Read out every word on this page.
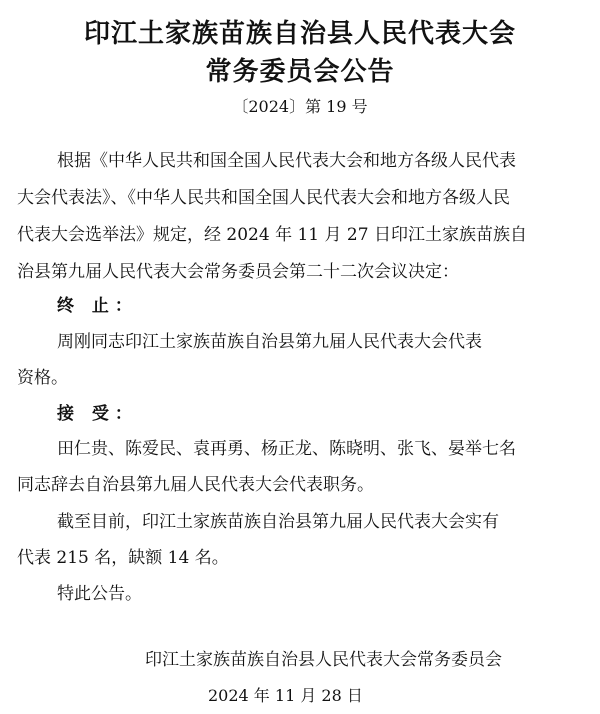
印江土家族苗族自治县人民代表大会
常务委员会公告
〔2024〕第 19 号
根据《中华人民共和国全国人民代表大会和地方各级人民代表
大会代表法》、《中华人民共和国全国人民代表大会和地方各级人民
代表大会选举法》规定，经 2024 年 11 月 27 日印江土家族苗族自
治县第九届人民代表大会常务委员会第二十二次会议决定：
终 止：
周刚同志印江土家族苗族自治县第九届人民代表大会代表
资格。
接 受：
田仁贵、陈爱民、袁再勇、杨正龙、陈晓明、张飞、晏举七名
同志辞去自治县第九届人民代表大会代表职务。
截至目前，印江土家族苗族自治县第九届人民代表大会实有
代表 215 名，缺额 14 名。
特此公告。
印江土家族苗族自治县人民代表大会常务委员会
2024 年 11 月 28 日
